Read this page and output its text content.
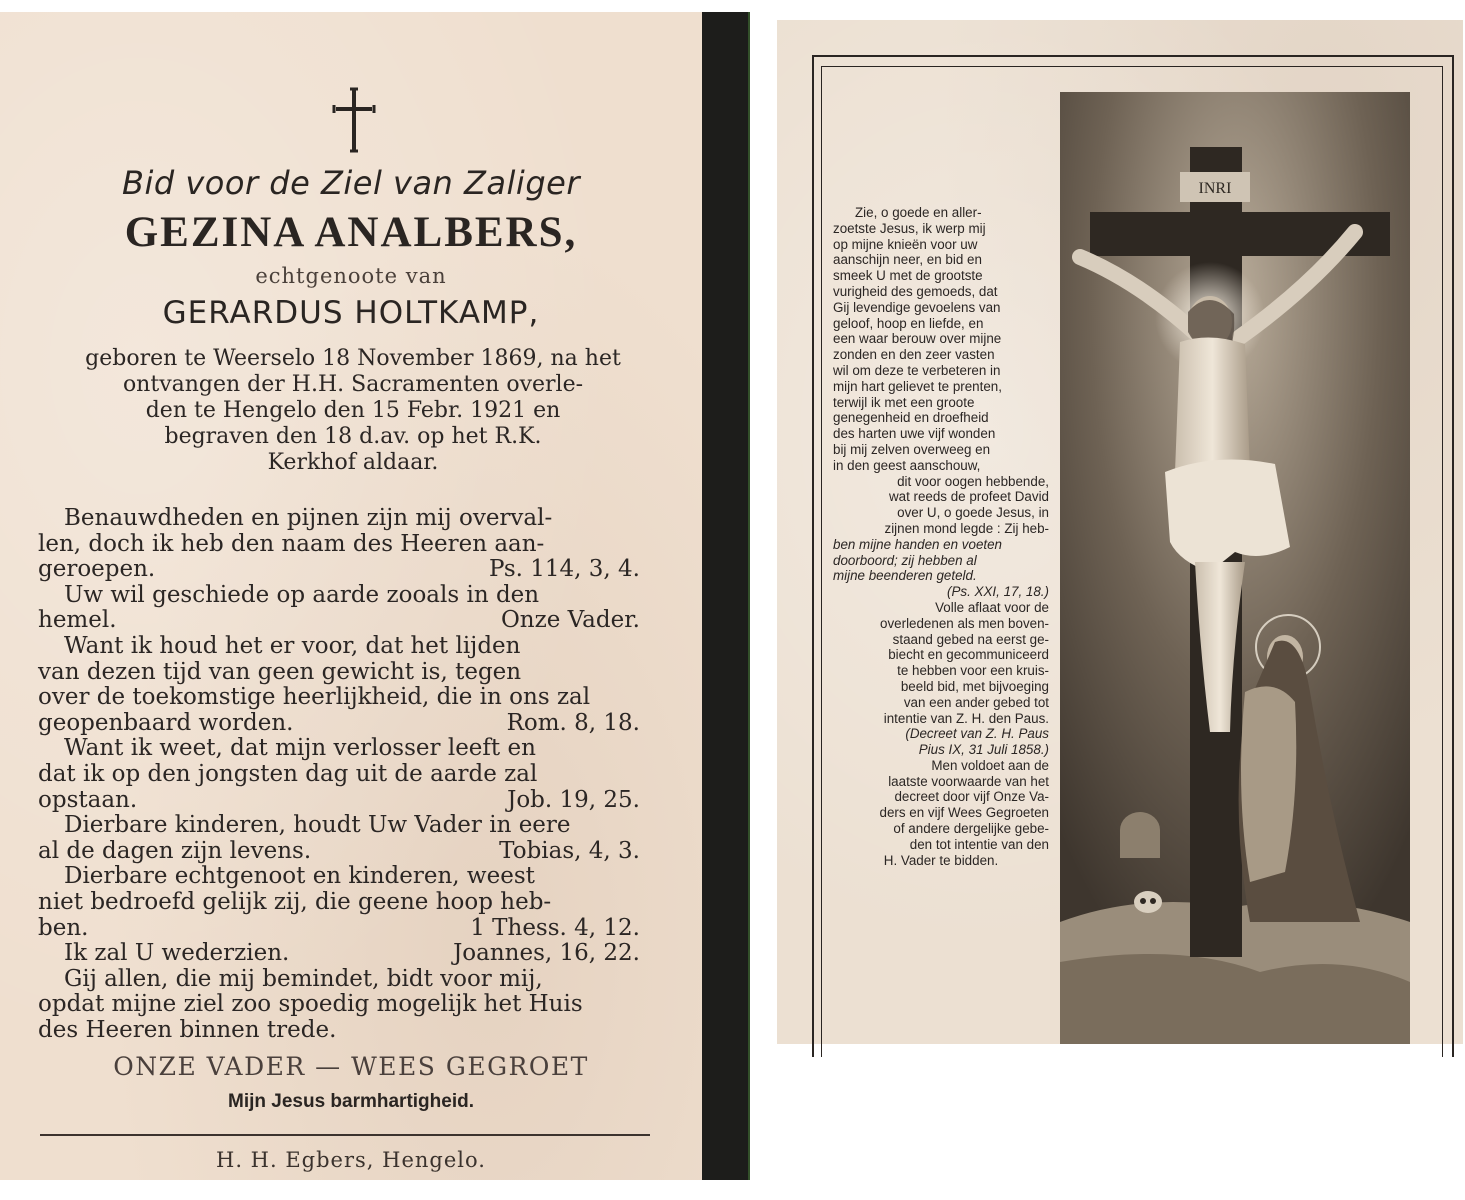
Bid voor de Ziel van Zaliger
GEZINA ANALBERS,
echtgenoote van
GERARDUS HOLTKAMP,
geboren te Weerselo 18 November 1869, na het
ontvangen der H.H. Sacramenten overle-
den te Hengelo den 15 Febr. 1921 en
begraven den 18 d.av. op het R.K.
Kerkhof aldaar.
Benauwdheden en pijnen zijn mij overval-
len, doch ik heb den naam des Heeren aan-
geroepen.	Ps. 114, 3, 4.
Uw wil geschiede op aarde zooals in den
hemel.	Onze Vader.
Want ik houd het er voor, dat het lijden
van dezen tijd van geen gewicht is, tegen
over de toekomstige heerlijkheid, die in ons zal
geopenbaard worden.	Rom. 8, 18.
Want ik weet, dat mijn verlosser leeft en
dat ik op den jongsten dag uit de aarde zal
opstaan.	Job. 19, 25.
Dierbare kinderen, houdt Uw Vader in eere
al de dagen zijn levens.	Tobias, 4, 3.
Dierbare echtgenoot en kinderen, weest
niet bedroefd gelijk zij, die geene hoop heb-
ben.	1 Thess. 4, 12.
Ik zal U wederzien.	Joannes, 16, 22.
Gij allen, die mij bemindet, bidt voor mij,
opdat mijne ziel zoo spoedig mogelijk het Huis
des Heeren binnen trede.
ONZE VADER — WEES GEGROET
Mijn Jesus barmhartigheid.
H. H. Egbers, Hengelo.
Zie, o goede en aller-
zoetste Jesus, ik werp mij
op mijne knieën voor uw
aanschijn neer, en bid en
smeek U met de grootste
vurigheid des gemoeds, dat
Gij levendige gevoelens van
geloof, hoop en liefde, en
een waar berouw over mijne
zonden en den zeer vasten
wil om deze te verbeteren in
mijn hart gelievet te prenten,
terwijl ik met een groote
genegenheid en droefheid
des harten uwe vijf wonden
bij mij zelven overweeg en
in den geest aanschouw,
dit voor oogen hebbende,
wat reeds de profeet David
over U, o goede Jesus, in
zijnen mond legde : Zij heb-
ben mijne handen en voeten
doorboord; zij hebben al
mijne beenderen geteld.
(Ps. XXI, 17, 18.)
Volle aflaat voor de
overledenen als men boven-
staand gebed na eerst ge-
biecht en gecommuniceerd
te hebben voor een kruis-
beeld bid, met bijvoeging
van een ander gebed tot
intentie van Z. H. den Paus.
(Decreet van Z. H. Paus
Pius IX, 31 Juli 1858.)
Men voldoet aan de
laatste voorwaarde van het
decreet door vijf Onze Va-
ders en vijf Wees Gegroeten
of andere dergelijke gebe-
den tot intentie van den
H. Vader te bidden.
INRI
